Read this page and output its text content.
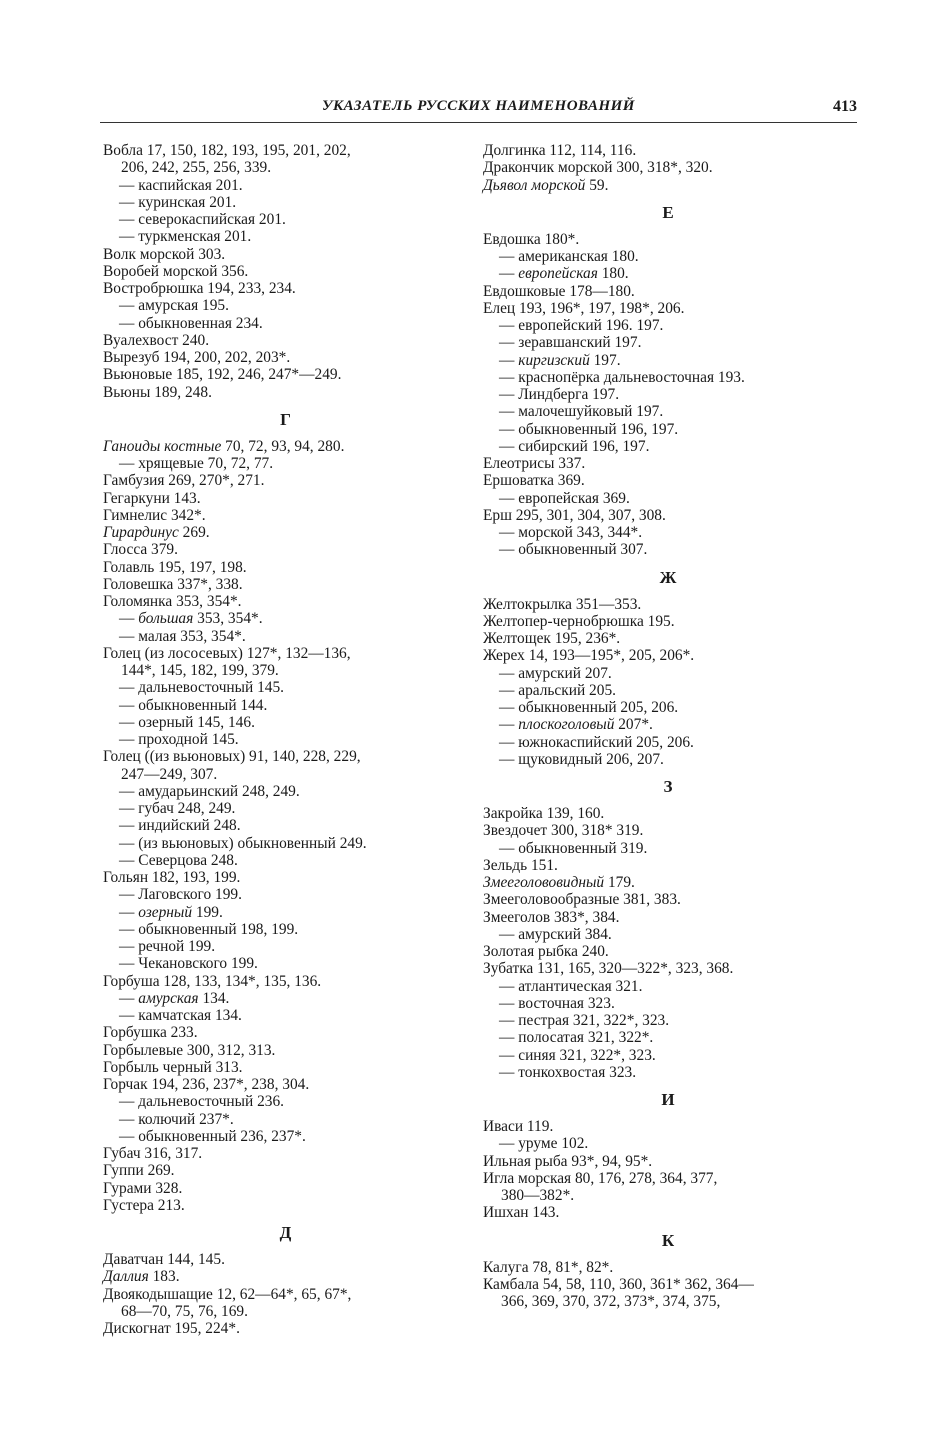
УКАЗАТЕЛЬ РУССКИХ НАИМЕНОВАНИЙ	413
Вобла 17, 150, 182, 193, 195, 201, 202,
206, 242, 255, 256, 339.
— каспийская 201.
— куринская 201.
— северокаспийская 201.
— туркменская 201.
Волк морской 303.
Воробей морской 356.
Востробрюшка 194, 233, 234.
— амурская 195.
— обыкновенная 234.
Вуалехвост 240.
Вырезуб 194, 200, 202, 203*.
Вьюновые 185, 192, 246, 247*—249.
Вьюны 189, 248.
Г
Ганоиды костные 70, 72, 93, 94, 280.
— хрящевые 70, 72, 77.
Гамбузия 269, 270*, 271.
Гегаркуни 143.
Гимнелис 342*.
Гирардинус 269.
Глосса 379.
Голавль 195, 197, 198.
Головешка 337*, 338.
Голомянка 353, 354*.
— большая 353, 354*.
— малая 353, 354*.
Голец (из лососевых) 127*, 132—136,
144*, 145, 182, 199, 379.
— дальневосточный 145.
— обыкновенный 144.
— озерный 145, 146.
— проходной 145.
Голец ((из вьюновых) 91, 140, 228, 229,
247—249, 307.
— амударьинский 248, 249.
— губач 248, 249.
— индийский 248.
— (из вьюновых) обыкновенный 249.
— Северцова 248.
Гольян 182, 193, 199.
— Лаговского 199.
— озерный 199.
— обыкновенный 198, 199.
— речной 199.
— Чекановского 199.
Горбуша 128, 133, 134*, 135, 136.
— амурская 134.
— камчатская 134.
Горбушка 233.
Горбылевые 300, 312, 313.
Горбыль черный 313.
Горчак 194, 236, 237*, 238, 304.
— дальневосточный 236.
— колючий 237*.
— обыкновенный 236, 237*.
Губач 316, 317.
Гуппи 269.
Гурами 328.
Густера 213.
Д
Даватчан 144, 145.
Даллия 183.
Двоякодышащие 12, 62—64*, 65, 67*,
68—70, 75, 76, 169.
Дискогнат 195, 224*.
Долгинка 112, 114, 116.
Дракончик морской 300, 318*, 320.
Дьявол морской 59.
Е
Евдошка 180*.
— американская 180.
— европейская 180.
Евдошковые 178—180.
Елец 193, 196*, 197, 198*, 206.
— европейский 196. 197.
— зеравшанский 197.
— киргизский 197.
— краснопёрка дальневосточная 193.
— Линдберга 197.
— малочешуйковый 197.
— обыкновенный 196, 197.
— сибирский 196, 197.
Елеотрисы 337.
Ершоватка 369.
— европейская 369.
Ерш 295, 301, 304, 307, 308.
— морской 343, 344*.
— обыкновенный 307.
Ж
Желтокрылка 351—353.
Желтопер-чернобрюшка 195.
Желтощек 195, 236*.
Жерех 14, 193—195*, 205, 206*.
— амурский 207.
— аральский 205.
— обыкновенный 205, 206.
— плоскоголовый 207*.
— южнокаспийский 205, 206.
— щуковидный 206, 207.
З
Закройка 139, 160.
Звездочет 300, 318* 319.
— обыкновенный 319.
Зельдь 151.
Змееголововидный 179.
Змееголовообразные 381, 383.
Змееголов 383*, 384.
— амурский 384.
Золотая рыбка 240.
Зубатка 131, 165, 320—322*, 323, 368.
— атлантическая 321.
— восточная 323.
— пестрая 321, 322*, 323.
— полосатая 321, 322*.
— синяя 321, 322*, 323.
— тонкохвостая 323.
И
Иваси 119.
— уруме 102.
Ильная рыба 93*, 94, 95*.
Игла морская 80, 176, 278, 364, 377,
380—382*.
Ишхан 143.
К
Калуга 78, 81*, 82*.
Камбала 54, 58, 110, 360, 361* 362, 364—
366, 369, 370, 372, 373*, 374, 375,
